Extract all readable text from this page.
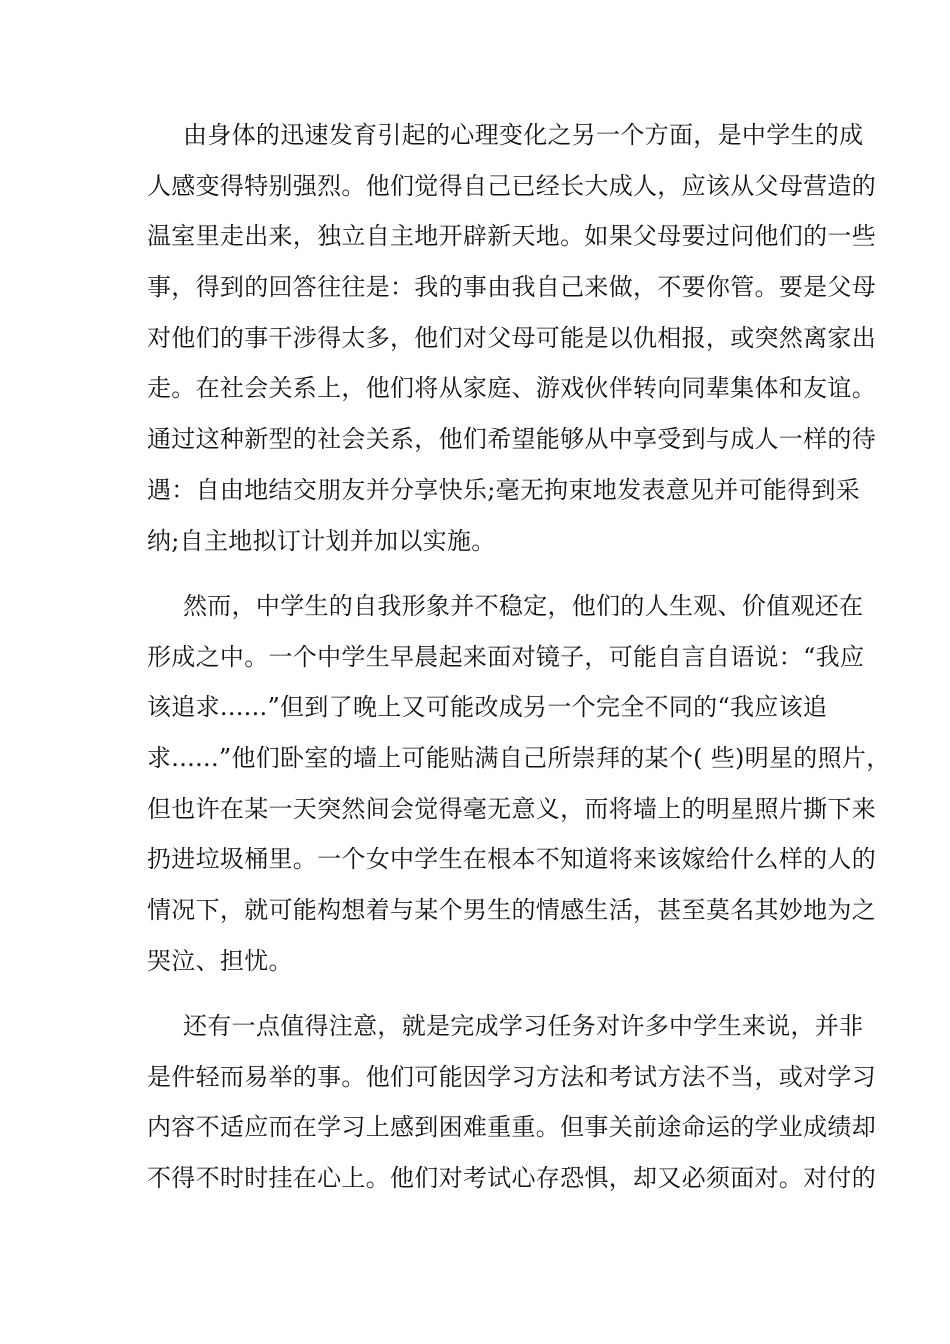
由身体的迅速发育引起的心理变化之另一个方面，是中学生的成
人感变得特别强烈。他们觉得自己已经长大成人，应该从父母营造的
温室里走出来，独立自主地开辟新天地。如果父母要过问他们的一些
事，得到的回答往往是：我的事由我自己来做，不要你管。要是父母
对他们的事干涉得太多，他们对父母可能是以仇相报，或突然离家出
走。在社会关系上，他们将从家庭、游戏伙伴转向同辈集体和友谊。
通过这种新型的社会关系，他们希望能够从中享受到与成人一样的待
遇：自由地结交朋友并分享快乐;毫无拘束地发表意见并可能得到采
纳;自主地拟订计划并加以实施。
然而，中学生的自我形象并不稳定，他们的人生观、价值观还在
形成之中。一个中学生早晨起来面对镜子，可能自言自语说：“我应
该追求......”但到了晚上又可能改成另一个完全不同的“我应该追
求......”他们卧室的墙上可能贴满自己所崇拜的某个( 些)明星的照片，
但也许在某一天突然间会觉得毫无意义，而将墙上的明星照片撕下来
扔进垃圾桶里。一个女中学生在根本不知道将来该嫁给什么样的人的
情况下，就可能构想着与某个男生的情感生活，甚至莫名其妙地为之
哭泣、担忧。
还有一点值得注意，就是完成学习任务对许多中学生来说，并非
是件轻而易举的事。他们可能因学习方法和考试方法不当，或对学习
内容不适应而在学习上感到困难重重。但事关前途命运的学业成绩却
不得不时时挂在心上。他们对考试心存恐惧，却又必须面对。对付的
